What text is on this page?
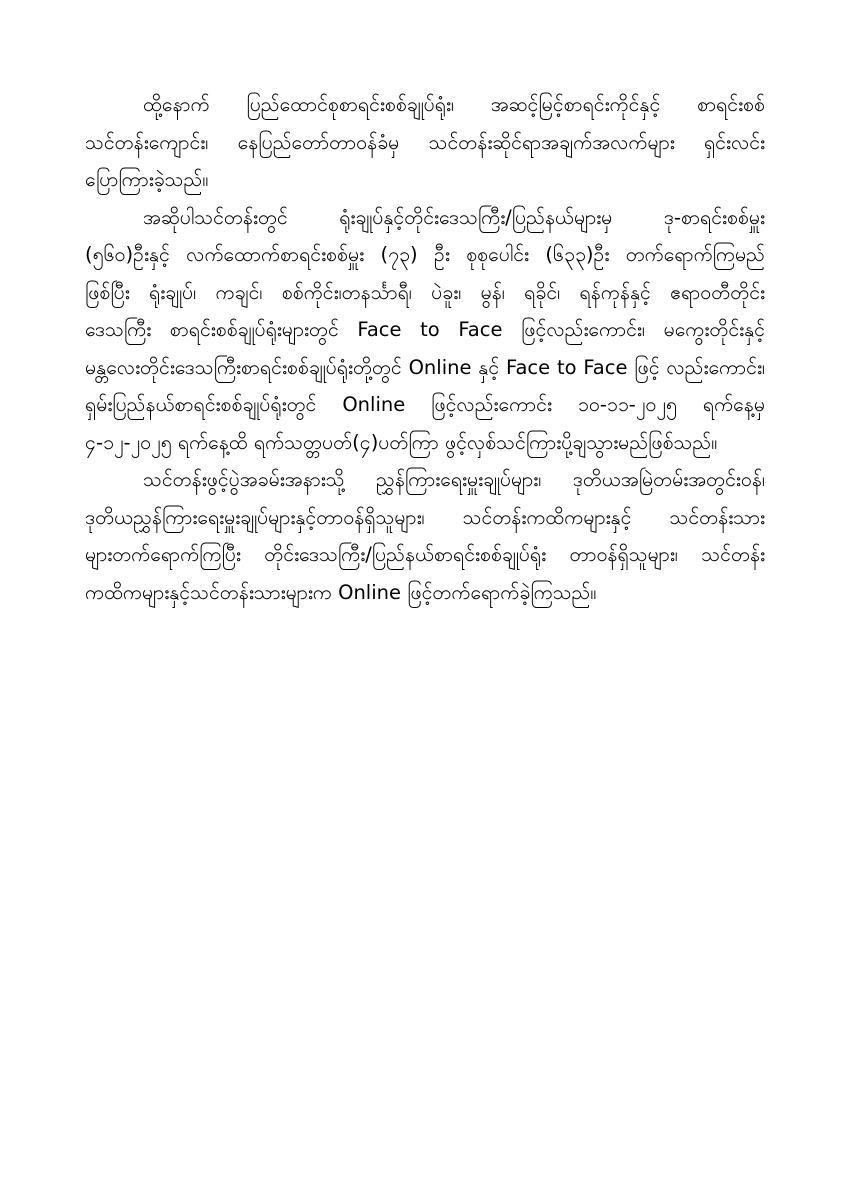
ထို့နောက် ပြည်ထောင်စုစာရင်းစစ်ချုပ်ရုံး၊ အဆင့်မြင့်စာရင်းကိုင်နှင့် စာရင်းစစ်
သင်တန်းကျောင်း၊ နေပြည်တော်တာဝန်ခံမှ သင်တန်းဆိုင်ရာအချက်အလက်များ ရှင်းလင်း
ပြောကြားခဲ့သည်။
အဆိုပါသင်တန်းတွင် ရုံးချုပ်နှင့်တိုင်းဒေသကြီး/ပြည်နယ်များမှ ဒု-စာရင်းစစ်မှူး
(၅၆၀)ဦးနှင့် လက်ထောက်စာရင်းစစ်မှူး (၇၃) ဦး စုစုပေါင်း (၆၃၃)ဦး တက်ရောက်ကြမည်
ဖြစ်ပြီး ရုံးချုပ်၊ ကချင်၊ စစ်ကိုင်း၊တနင်္သာရီ၊ ပဲခူး၊ မွန်၊ ရခိုင်၊ ရန်ကုန်နှင့် ဧရာဝတီတိုင်း
ဒေသကြီး စာရင်းစစ်ချုပ်ရုံးများတွင် Face to Face ဖြင့်လည်းကောင်း၊ မကွေးတိုင်းနှင့်
မန္တလေးတိုင်းဒေသကြီးစာရင်းစစ်ချုပ်ရုံးတို့တွင် Online နှင့် Face to Face ဖြင့် လည်းကောင်း၊
ရှမ်းပြည်နယ်စာရင်းစစ်ချုပ်ရုံးတွင် Online ဖြင့်လည်းကောင်း ၁၀-၁၁-၂၀၂၅ ရက်နေ့မှ
၄-၁၂-၂၀၂၅ ရက်နေ့ထိ ရက်သတ္တပတ်(၄)ပတ်ကြာ ဖွင့်လှစ်သင်ကြားပို့ချသွားမည်ဖြစ်သည်။
သင်တန်းဖွင့်ပွဲအခမ်းအနားသို့ ညွှန်ကြားရေးမှူးချုပ်များ၊ ဒုတိယအမြဲတမ်းအတွင်းဝန်၊
ဒုတိယညွှန်ကြားရေးမှူးချုပ်များနှင့်တာဝန်ရှိသူများ၊ သင်တန်းကထိကများနှင့် သင်တန်းသား
များတက်ရောက်ကြပြီး တိုင်းဒေသကြီး/ပြည်နယ်စာရင်းစစ်ချုပ်ရုံး တာဝန်ရှိသူများ၊ သင်တန်း
ကထိကများနှင့်သင်တန်းသားများက Online ဖြင့်တက်ရောက်ခဲ့ကြသည်။
